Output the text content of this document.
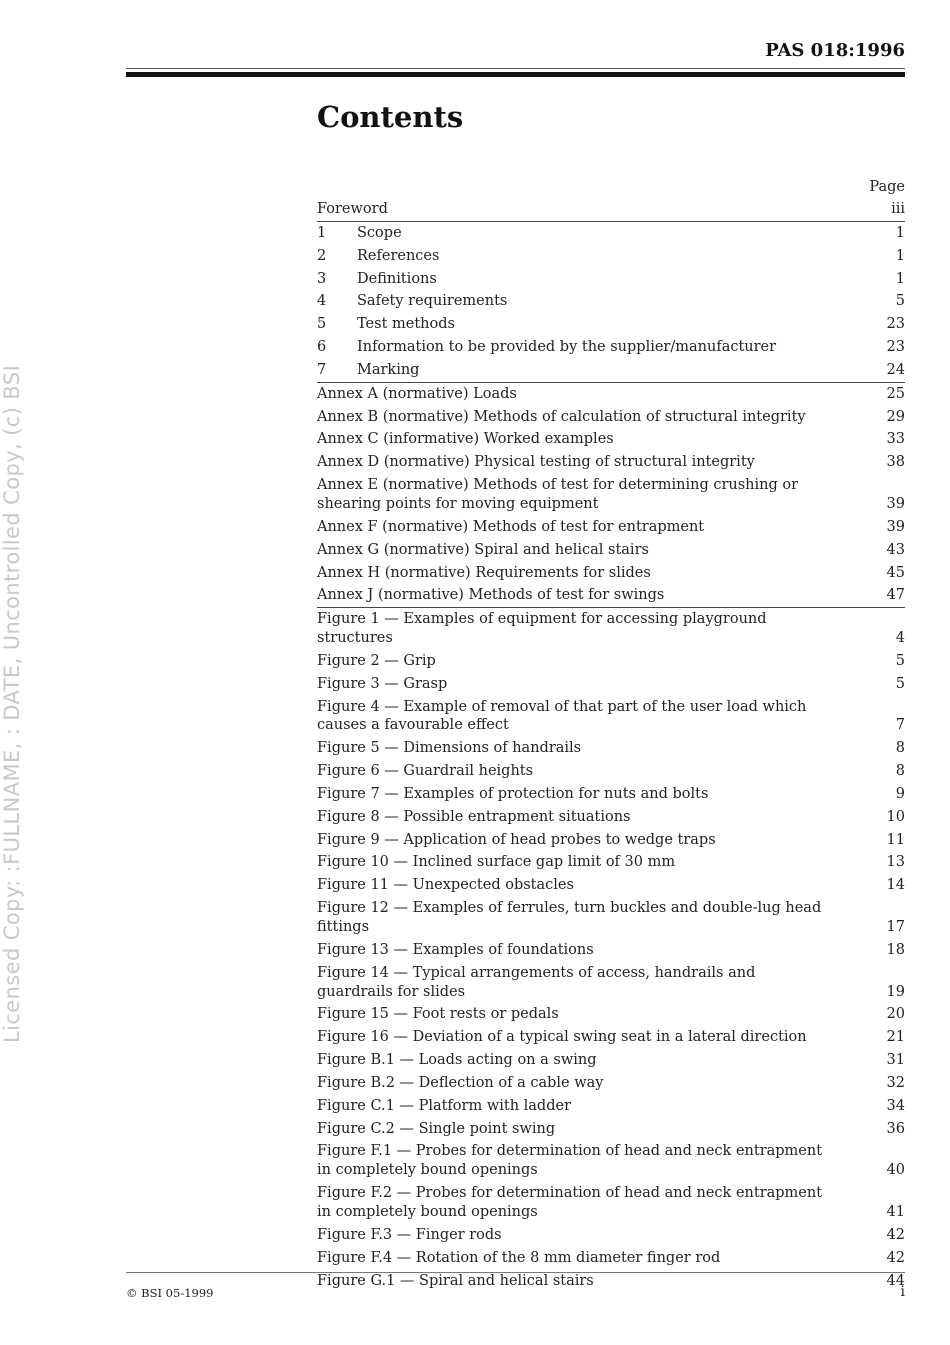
PAS 018:1996
Contents
Licensed Copy: :FULLNAME, : DATE, Uncontrolled Copy, (c) BSI
Page
Foreword	iii
1 Scope	1
2 References	1
3 Definitions	1
4 Safety requirements	5
5 Test methods	23
6 Information to be provided by the supplier/manufacturer	23
7 Marking	24
Annex A (normative) Loads	25
Annex B (normative) Methods of calculation of structural integrity	29
Annex C (informative) Worked examples	33
Annex D (normative) Physical testing of structural integrity	38
Annex E (normative) Methods of test for determining crushing or shearing points for moving equipment	39
Annex F (normative) Methods of test for entrapment	39
Annex G (normative) Spiral and helical stairs	43
Annex H (normative) Requirements for slides	45
Annex J (normative) Methods of test for swings	47
Figure 1 — Examples of equipment for accessing playground structures	4
Figure 2 — Grip	5
Figure 3 — Grasp	5
Figure 4 — Example of removal of that part of the user load which causes a favourable effect	7
Figure 5 — Dimensions of handrails	8
Figure 6 — Guardrail heights	8
Figure 7 — Examples of protection for nuts and bolts	9
Figure 8 — Possible entrapment situations	10
Figure 9 — Application of head probes to wedge traps	11
Figure 10 — Inclined surface gap limit of 30 mm	13
Figure 11 — Unexpected obstacles	14
Figure 12 — Examples of ferrules, turn buckles and double-lug head fittings	17
Figure 13 — Examples of foundations	18
Figure 14 — Typical arrangements of access, handrails and guardrails for slides	19
Figure 15 — Foot rests or pedals	20
Figure 16 — Deviation of a typical swing seat in a lateral direction	21
Figure B.1 — Loads acting on a swing	31
Figure B.2 — Deflection of a cable way	32
Figure C.1 — Platform with ladder	34
Figure C.2 — Single point swing	36
Figure F.1 — Probes for determination of head and neck entrapment in completely bound openings	40
Figure F.2 — Probes for determination of head and neck entrapment in completely bound openings	41
Figure F.3 — Finger rods	42
Figure F.4 — Rotation of the 8 mm diameter finger rod	42
Figure G.1 — Spiral and helical stairs	44
© BSI 05-1999	i
